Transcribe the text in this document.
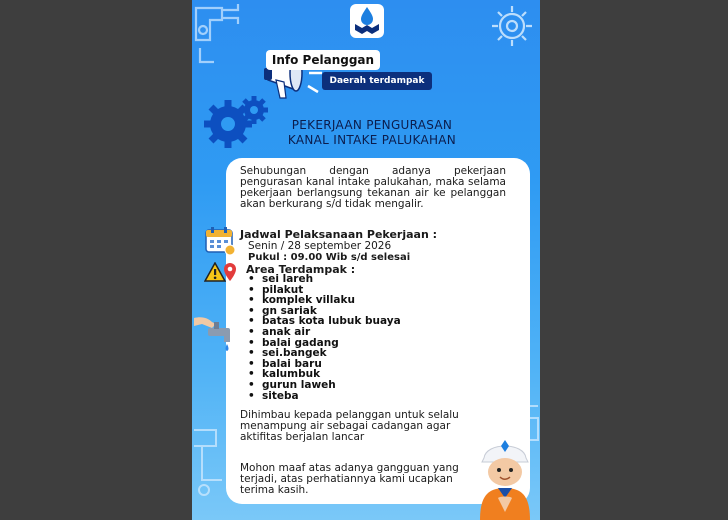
Info Pelanggan
Daerah terdampak
PEKERJAAN PENGURASAN
KANAL INTAKE PALUKAHAN
Sehubungan dengan adanya pekerjaan pengurasan kanal intake palukahan, maka selama pekerjaan berlangsung tekanan air ke pelanggan akan berkurang s/d tidak mengalir.
Jadwal Pelaksanaan Pekerjaan :
Senin / 28 september 2026
Pukul : 09.00 Wib s/d selesai
Area Terdampak :
• sei lareh
• pilakut
• komplek villaku
• gn sariak
• batas kota lubuk buaya
• anak air
• balai gadang
• sei.bangek
• balai baru
• kalumbuk
• gurun laweh
• siteba
Dihimbau kepada pelanggan untuk selalu menampung air sebagai cadangan agar aktifitas berjalan lancar
Mohon maaf atas adanya gangguan yang terjadi, atas perhatiannya kami ucapkan terima kasih.
